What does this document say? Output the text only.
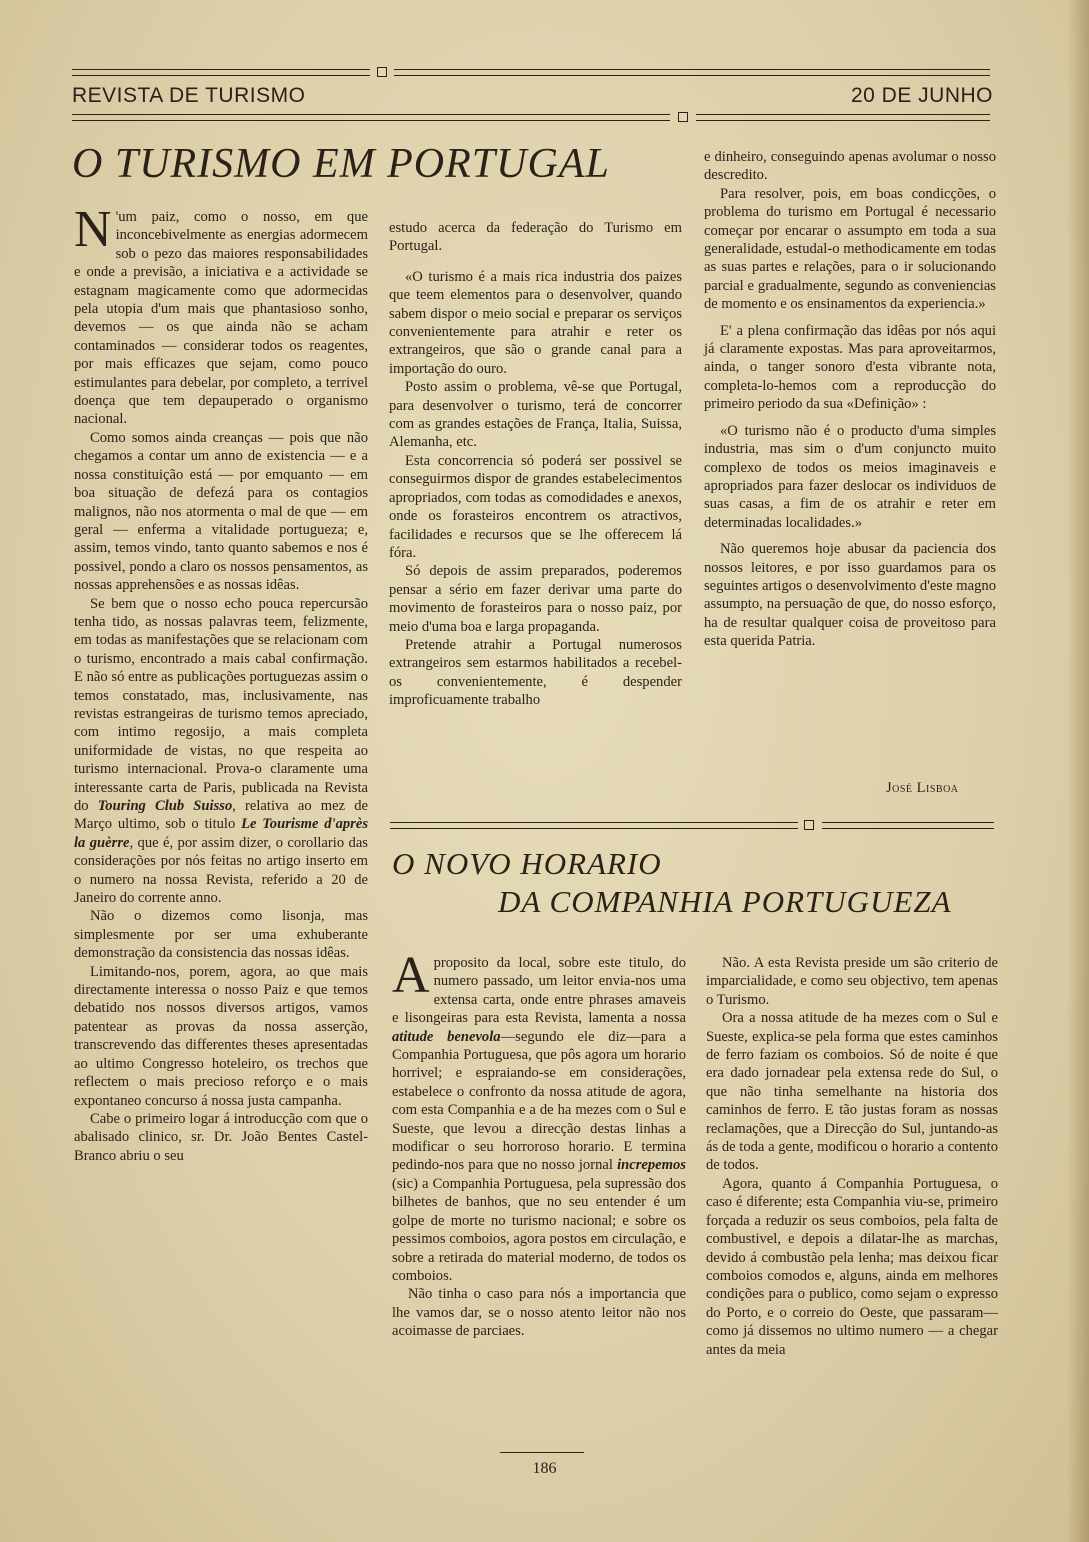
REVISTA DE TURISMO	20 DE JUNHO
O TURISMO EM PORTUGAL

N 'um paiz, como o nosso, em que inconcebivelmente as energias adormecem sob o pezo das maiores responsabilidades e onde a previsão, a iniciativa e a actividade se estagnam magicamente como que adormecidas pela utopia d'um mais que phantasioso sonho, devemos — os que ainda não se acham contaminados — considerar todos os reagentes, por mais efficazes que sejam, como pouco estimulantes para debelar, por completo, a terrivel doença que tem depauperado o organismo nacional.

Como somos ainda creanças — pois que não chegamos a contar um anno de existencia — e a nossa constituição está — por emquanto — em boa situação de defezá para os contagios malignos, não nos atormenta o mal de que — em geral — enferma a vitalidade portugueza; e, assim, temos vindo, tanto quanto sabemos e nos é possivel, pondo a claro os nossos pensamentos, as nossas apprehensões e as nossas idêas.

Se bem que o nosso echo pouca repercursão tenha tido, as nossas palavras teem, felizmente, em todas as manifestações que se relacionam com o turismo, encontrado a mais cabal confirmação. E não só entre as publicações portuguezas assim o temos constatado, mas, inclusivamente, nas revistas estrangeiras de turismo temos apreciado, com intimo regosijo, a mais completa uniformidade de vistas, no que respeita ao turismo internacional. Prova-o claramente uma interessante carta de Paris, publicada na Revista do Touring Club Suisso, relativa ao mez de Março ultimo, sob o titulo Le Tourisme d'après la guèrre, que é, por assim dizer, o corollario das considerações por nós feitas no artigo inserto em o numero na nossa Revista, referido a 20 de Janeiro do corrente anno.

Não o dizemos como lisonja, mas simplesmente por ser uma exhuberante demonstração da consistencia das nossas idêas.

Limitando-nos, porem, agora, ao que mais directamente interessa o nosso Paiz e que temos debatido nos nossos diversos artigos, vamos patentear as provas da nossa asserção, transcrevendo das differentes theses apresentadas ao ultimo Congresso hoteleiro, os trechos que reflectem o mais precioso reforço e o mais expontaneo concurso á nossa justa campanha.

Cabe o primeiro logar á introducção com que o abalisado clinico, sr. Dr. João Bentes Castel-Branco abriu o seu

estudo acerca da federação do Turismo em Portugal.

«O turismo é a mais rica industria dos paizes que teem elementos para o desenvolver, quando sabem dispor o meio social e preparar os serviços convenientemente para atrahir e reter os extrangeiros, que são o grande canal para a importação do ouro.

Posto assim o problema, vê-se que Portugal, para desenvolver o turismo, terá de concorrer com as grandes estações de França, Italia, Suissa, Alemanha, etc.

Esta concorrencia só poderá ser possivel se conseguirmos dispor de grandes estabelecimentos apropriados, com todas as comodidades e anexos, onde os forasteiros encontrem os atractivos, facilidades e recursos que se lhe offerecem lá fóra.

Só depois de assim preparados, poderemos pensar a sério em fazer derivar uma parte do movimento de forasteiros para o nosso paiz, por meio d'uma boa e larga propaganda.

Pretende atrahir a Portugal numerosos extrangeiros sem estarmos habilitados a recebel-os convenientemente, é despender improficuamente trabalho

e dinheiro, conseguindo apenas avolumar o nosso descredito.

Para resolver, pois, em boas condicções, o problema do turismo em Portugal é necessario começar por encarar o assumpto em toda a sua generalidade, estudal-o methodicamente em todas as suas partes e relações, para o ir solucionando parcial e gradualmente, segundo as conveniencias de momento e os ensinamentos da experiencia.»

E' a plena confirmação das idêas por nós aqui já claramente expostas. Mas para aproveitarmos, ainda, o tanger sonoro d'esta vibrante nota, completa-lo-hemos com a reproducção do primeiro periodo da sua «Definição» :

«O turismo não é o producto d'uma simples industria, mas sim o d'um conjuncto muito complexo de todos os meios imaginaveis e apropriados para fazer deslocar os individuos de suas casas, a fim de os atrahir e reter em determinadas localidades.»

Não queremos hoje abusar da paciencia dos nossos leitores, e por isso guardamos para os seguintes artigos o desenvolvimento d'este magno assumpto, na persuação de que, do nosso esforço, ha de resultar qualquer coisa de proveitoso para esta querida Patria.

José Lisboa
O NOVO HORARIO
DA COMPANHIA PORTUGUEZA

Aproposito da local, sobre este titulo, do numero passado, um leitor envia-nos uma extensa carta, onde entre phrases amaveis e lisongeiras para esta Revista, lamenta a nossa atitude benevola—segundo ele diz—para a Companhia Portuguesa, que pôs agora um horario horrivel; e espraiando-se em considerações, estabelece o confronto da nossa atitude de agora, com esta Companhia e a de ha mezes com o Sul e Sueste, que levou a direcção destas linhas a modificar o seu horroroso horario. E termina pedindo-nos para que no nosso jornal increpemos (sic) a Companhia Portuguesa, pela supressão dos bilhetes de banhos, que no seu entender é um golpe de morte no turismo nacional; e sobre os pessimos comboios, agora postos em circulação, e sobre a retirada do material moderno, de todos os comboios.

Não tinha o caso para nós a importancia que lhe vamos dar, se o nosso atento leitor não nos acoimasse de parciaes.

Não. A esta Revista preside um são criterio de imparcialidade, e como seu objectivo, tem apenas o Turismo.

Ora a nossa atitude de ha mezes com o Sul e Sueste, explica-se pela forma que estes caminhos de ferro faziam os comboios. Só de noite é que era dado jornadear pela extensa rede do Sul, o que não tinha semelhante na historia dos caminhos de ferro. E tão justas foram as nossas reclamações, que a Direcção do Sul, juntando-as ás de toda a gente, modificou o horario a contento de todos.

Agora, quanto á Companhia Portuguesa, o caso é diferente; esta Companhia viu-se, primeiro forçada a reduzir os seus comboios, pela falta de combustivel, e depois a dilatar-lhe as marchas, devido á combustão pela lenha; mas deixou ficar comboios comodos e, alguns, ainda em melhores condições para o publico, como sejam o expresso do Porto, e o correio do Oeste, que passaram—como já dissemos no ultimo numero — a chegar antes da meia

186
